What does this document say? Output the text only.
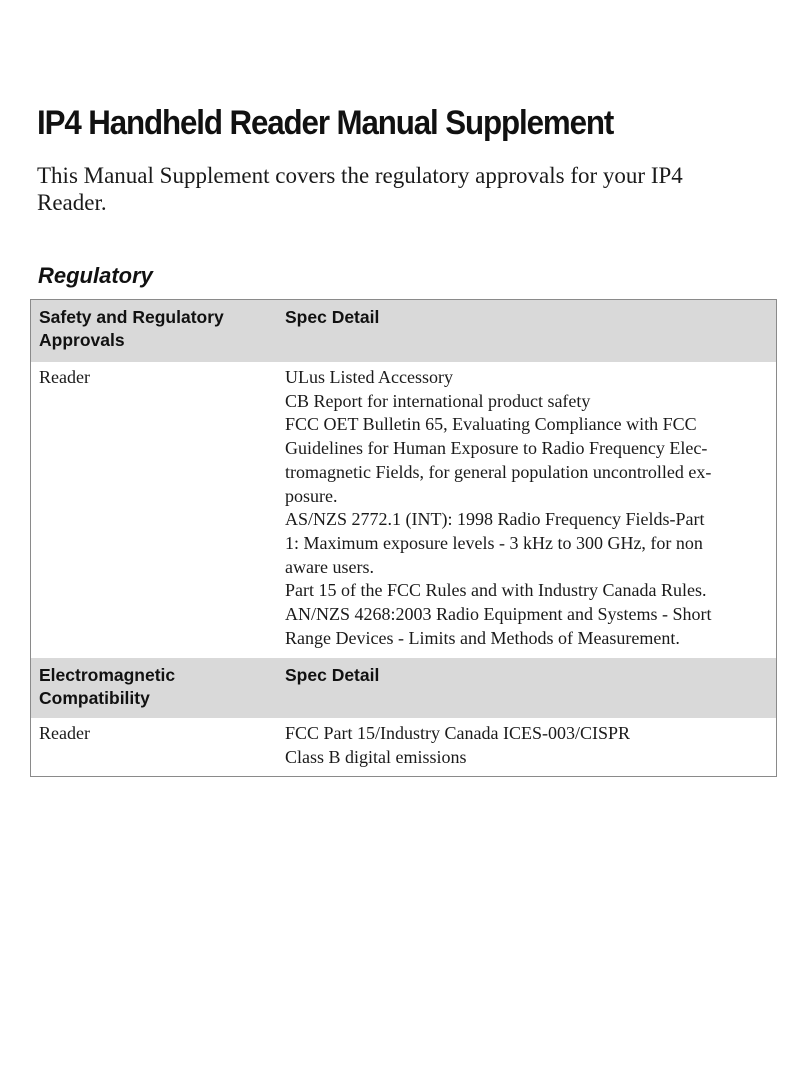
IP4 Handheld Reader Manual Supplement

This Manual Supplement covers the regulatory approvals for your IP4 Reader.

Regulatory
Safety and Regulatory
Approvals
Spec Detail
Reader	ULus Listed Accessory
CB Report for international product safety
FCC OET Bulletin 65, Evaluating Compliance with FCC
Guidelines for Human Exposure to Radio Frequency Elec-
tromagnetic Fields, for general population uncontrolled ex-
posure.
AS/NZS 2772.1 (INT): 1998 Radio Frequency Fields-Part
1: Maximum exposure levels - 3 kHz to 300 GHz, for non
aware users.
Part 15 of the FCC Rules and with Industry Canada Rules.
AN/NZS 4268:2003 Radio Equipment and Systems - Short
Range Devices - Limits and Methods of Measurement.
Electromagnetic
Compatibility
Spec Detail
Reader	FCC Part 15/Industry Canada ICES-003/CISPR
Class B digital emissions
